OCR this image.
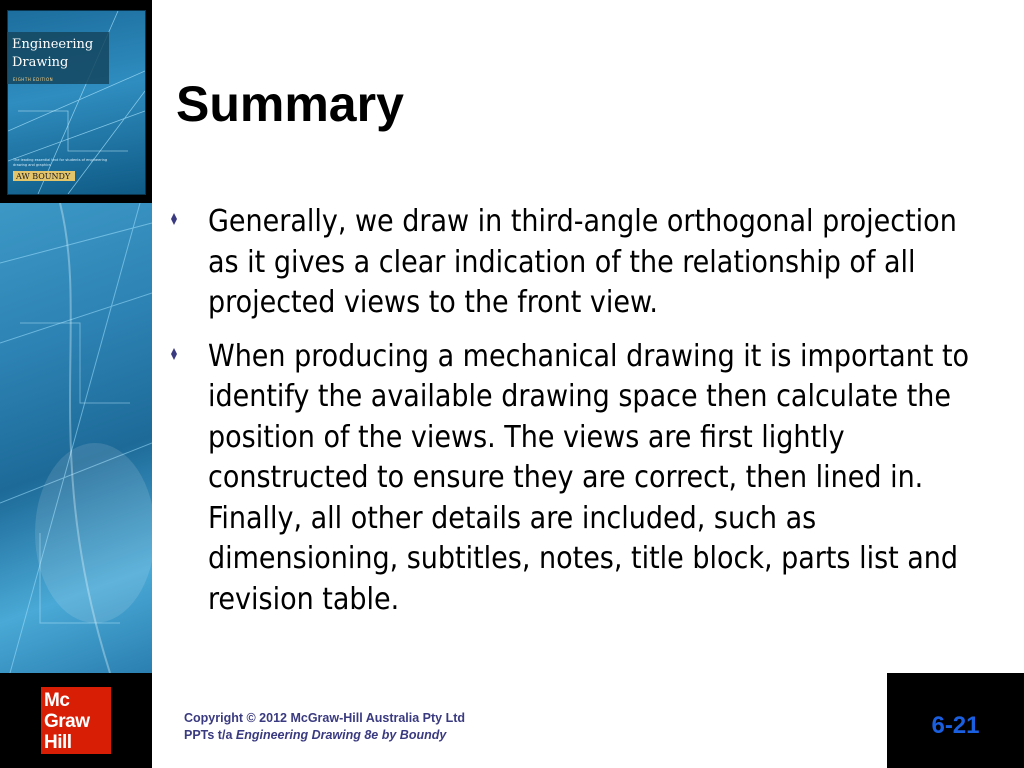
Engineering
Drawing
EIGHTH EDITION
The leading essential text for students of engineering drawing and graphics
AW BOUNDY
Summary
Generally, we draw in third-angle orthogonal projection as it gives a clear indication of the relationship of all projected views to the front view.
When producing a mechanical drawing it is important to identify the available drawing space then calculate the position of the views. The views are first lightly constructed to ensure they are correct, then lined in. Finally, all other details are included, such as dimensioning, subtitles, notes, title block, parts list and revision table.
Mc
Graw
Hill
Copyright © 2012 McGraw-Hill Australia Pty Ltd
PPTs t/a Engineering Drawing 8e by Boundy	6-21
